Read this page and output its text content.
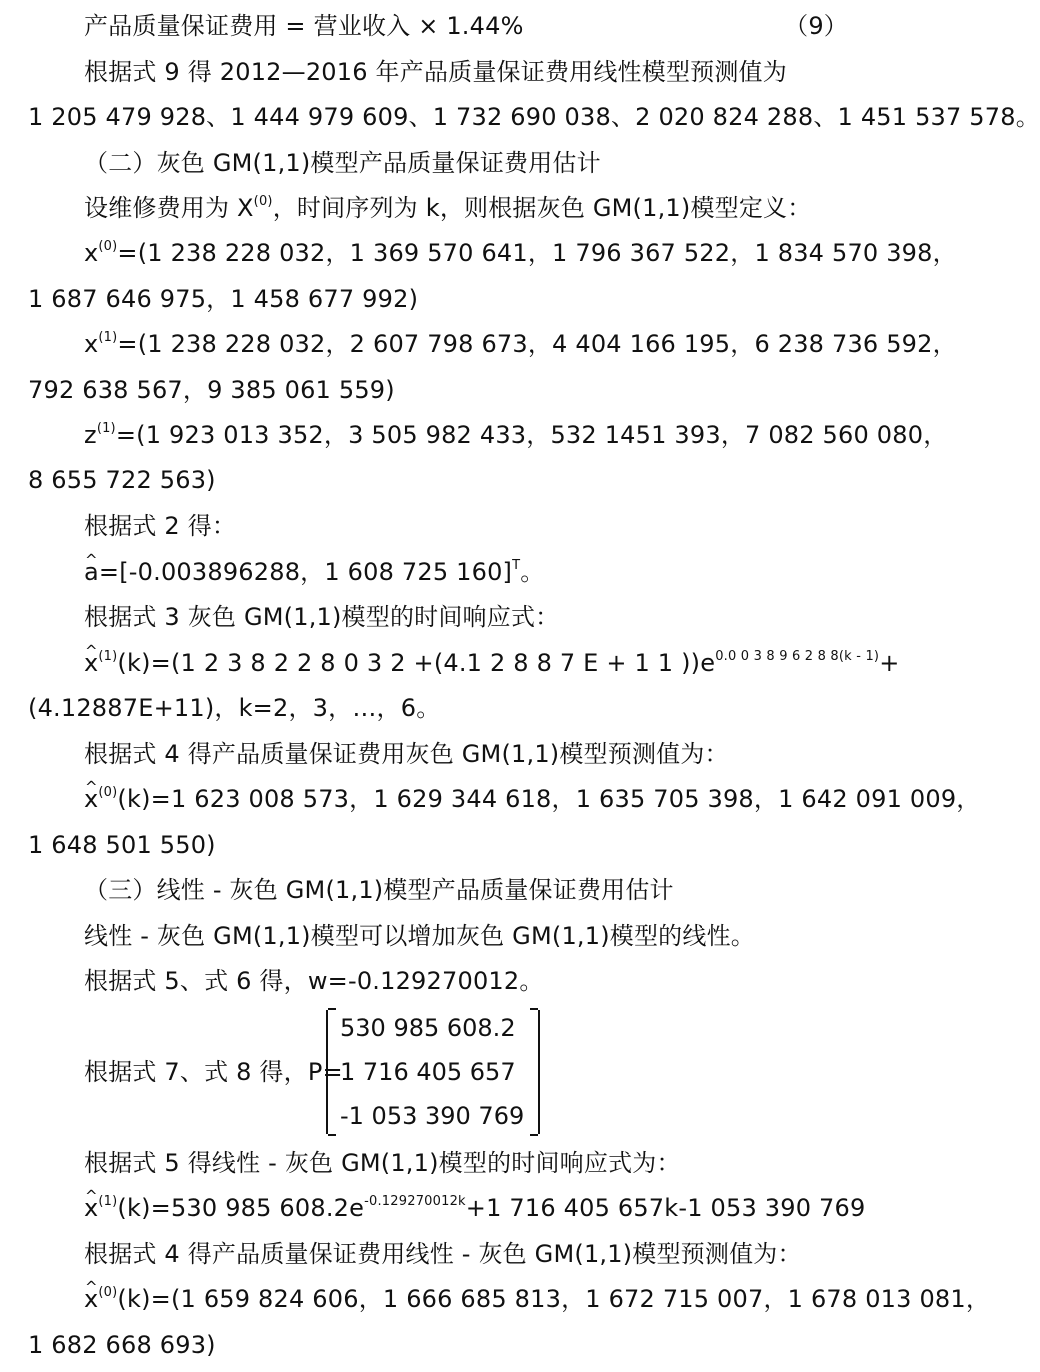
产品质量保证费用 = 营业收入 × 1.44%	（9）
根据式 9 得 2012—2016 年产品质量保证费用线性模型预测值为
1 205 479 928、1 444 979 609、1 732 690 038、2 020 824 288、1 451 537 578。
（二）灰色 GM(1,1)模型产品质量保证费用估计
设维修费用为 $X^{(0)}$，时间序列为 k，则根据灰色 GM(1,1)模型定义：
$x^{(0)}=(1$ 238 228 032，1 369 570 641，1 796 367 522，1 834 570 398，
1 687 646 975，1 458 677 992)
$x^{(1)}=(1$ 238 228 032，2 607 798 673，4 404 166 195，6 238 736 592，
792 638 567，9 385 061 559)
$z^{(1)}=(1$ 923 013 352，3 505 982 433，532 1451 393，7 082 560 080，
8 655 722 563)
根据式 2 得：
^ a=[-0.003896288，1 608 725 160]$^T$。
根据式 3 灰色 GM(1,1)模型的时间响应式：
^ $x^{(1)}(k)=(1$ 2 3 8 2 2 8 0 3 2 +(4.1 2 8 8 7 E + 1 1 ))$e^{0.0 0 3 8 9 6 2 8 8(k - 1)}+$
(4.12887E+11)，k=2，3，…，6。
根据式 4 得产品质量保证费用灰色 GM(1,1)模型预测值为：
^ $x^{(0)}(k)=1$ 623 008 573，1 629 344 618，1 635 705 398，1 642 091 009，
1 648 501 550)
（三）线性 - 灰色 GM(1,1)模型产品质量保证费用估计
线性 - 灰色 GM(1,1)模型可以增加灰色 GM(1,1)模型的线性。
根据式 5、式 6 得，w=-0.129270012。
根据式 7、式 8 得，P=
530 985 608.2
1 716 405 657
-1 053 390 769
根据式 5 得线性 - 灰色 GM(1,1)模型的时间响应式为：
^ $x^{(1)}(k)=530$ 985 $608.2e^{-0.129270012k}+1$ 716 405 657k-1 053 390 769
根据式 4 得产品质量保证费用线性 - 灰色 GM(1,1)模型预测值为：
^ $x^{(0)}(k)=(1$ 659 824 606，1 666 685 813，1 672 715 007，1 678 013 081，
1 682 668 693)
